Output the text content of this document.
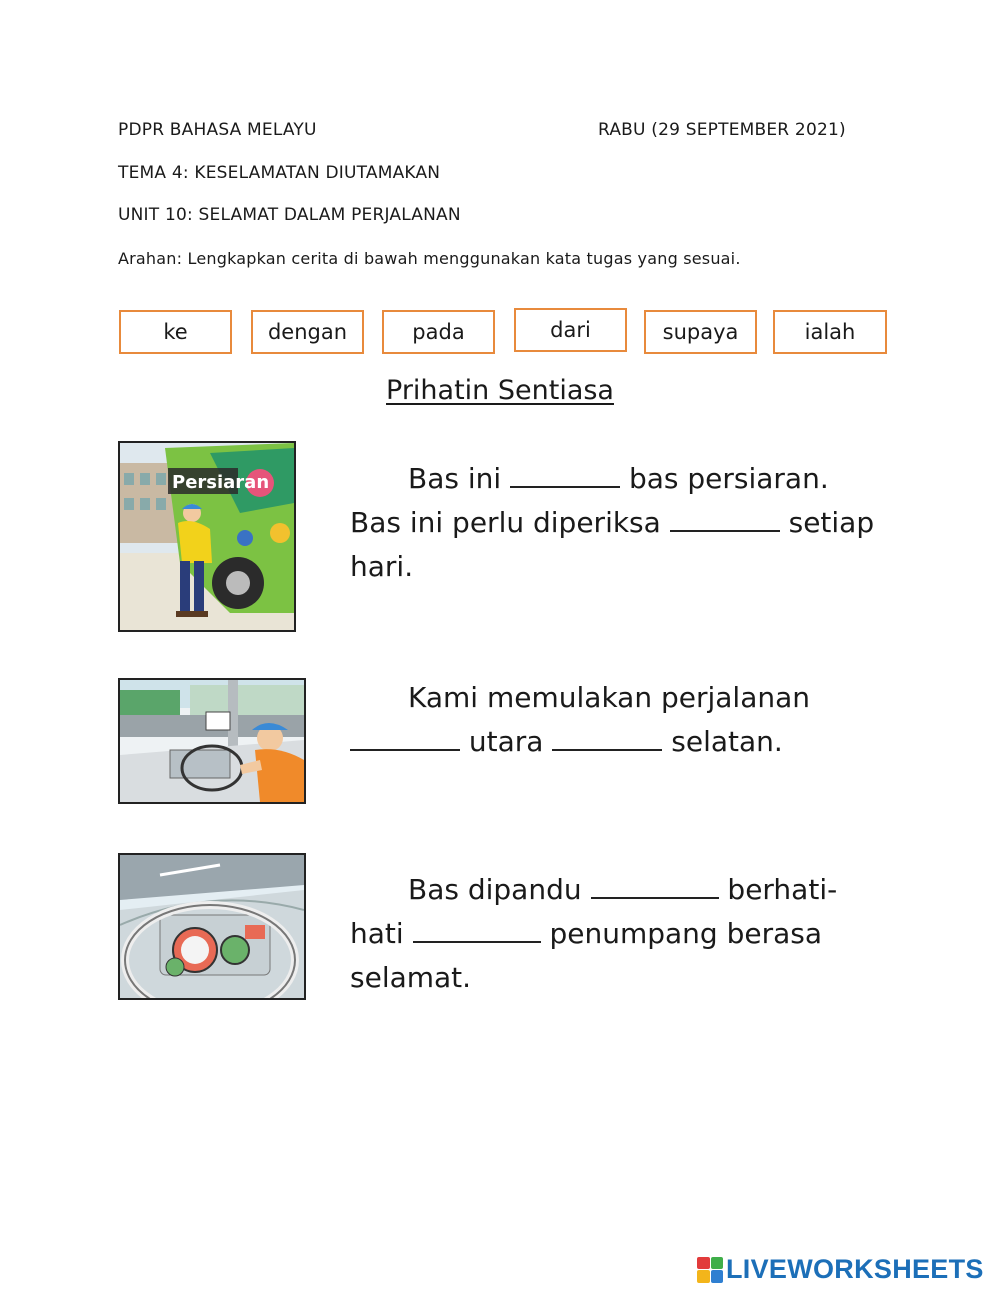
PDPR BAHASA MELAYU	RABU (29 SEPTEMBER 2021)
TEMA 4: KESELAMATAN DIUTAMAKAN
UNIT 10: SELAMAT DALAM PERJALANAN
Arahan: Lengkapkan cerita di bawah menggunakan kata tugas yang sesuai.
ke	dengan	pada	dari	supaya	ialah
Prihatin Sentiasa
Persiaran	Bas ini	bas persiaran. Bas ini perlu diperiksa	setiap hari.

Kami memulakan perjalanan
utara	selatan.

Bas dipandu	berhati-hati	penumpang berasa selamat.

LIVEWORKSHEETS
